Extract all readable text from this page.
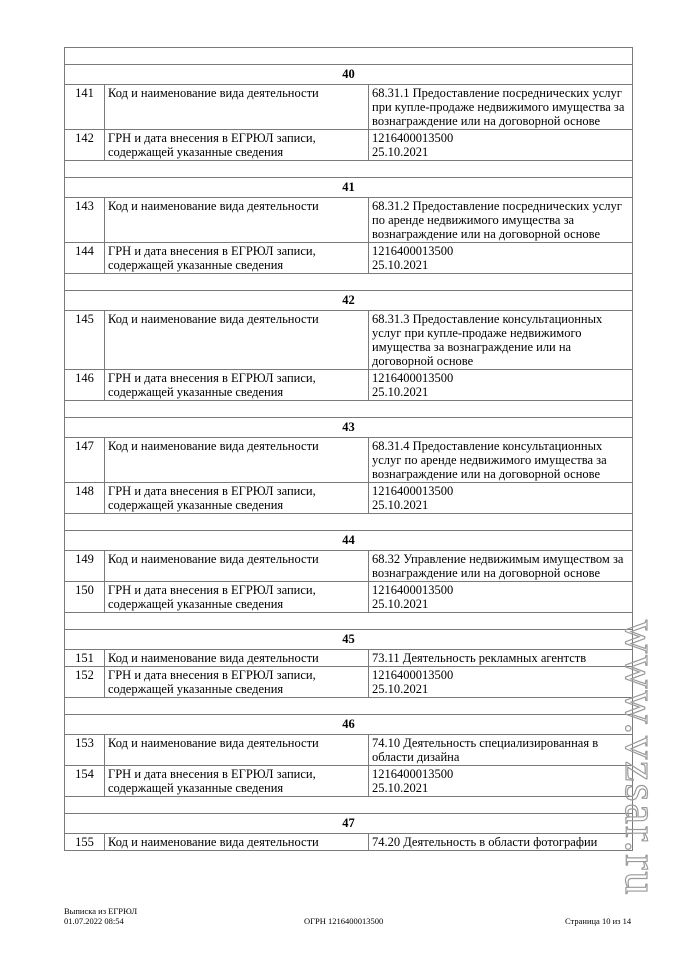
40		
141	Код и наименование вида деятельности	68.31.1 Предоставление посреднических услуг при купле-продаже недвижимого имущества за вознаграждение или на договорной основе
142	ГРН и дата внесения в ЕГРЮЛ записи, содержащей указанные сведения	1216400013500
25.10.2021

41		
143	Код и наименование вида деятельности	68.31.2 Предоставление посреднических услуг по аренде недвижимого имущества за вознаграждение или на договорной основе
144	ГРН и дата внесения в ЕГРЮЛ записи, содержащей указанные сведения	1216400013500
25.10.2021

42		
145	Код и наименование вида деятельности	68.31.3 Предоставление консультационных услуг при купле-продаже недвижимого имущества за вознаграждение или на договорной основе
146	ГРН и дата внесения в ЕГРЮЛ записи, содержащей указанные сведения	1216400013500
25.10.2021

43		
147	Код и наименование вида деятельности	68.31.4 Предоставление консультационных услуг по аренде недвижимого имущества за вознаграждение или на договорной основе
148	ГРН и дата внесения в ЕГРЮЛ записи, содержащей указанные сведения	1216400013500
25.10.2021

44		
149	Код и наименование вида деятельности	68.32 Управление недвижимым имуществом за вознаграждение или на договорной основе
150	ГРН и дата внесения в ЕГРЮЛ записи, содержащей указанные сведения	1216400013500
25.10.2021

45		
151	Код и наименование вида деятельности	73.11 Деятельность рекламных агентств
152	ГРН и дата внесения в ЕГРЮЛ записи, содержащей указанные сведения	1216400013500
25.10.2021

46		
153	Код и наименование вида деятельности	74.10 Деятельность специализированная в области дизайна
154	ГРН и дата внесения в ЕГРЮЛ записи, содержащей указанные сведения	1216400013500
25.10.2021

47		
155	Код и наименование вида деятельности	74.20 Деятельность в области фотографии
Выписка из ЕГРЮЛ
01.07.2022 08:54	ОГРН 1216400013500	Страница 10 из 14
www.vzsar.ru
